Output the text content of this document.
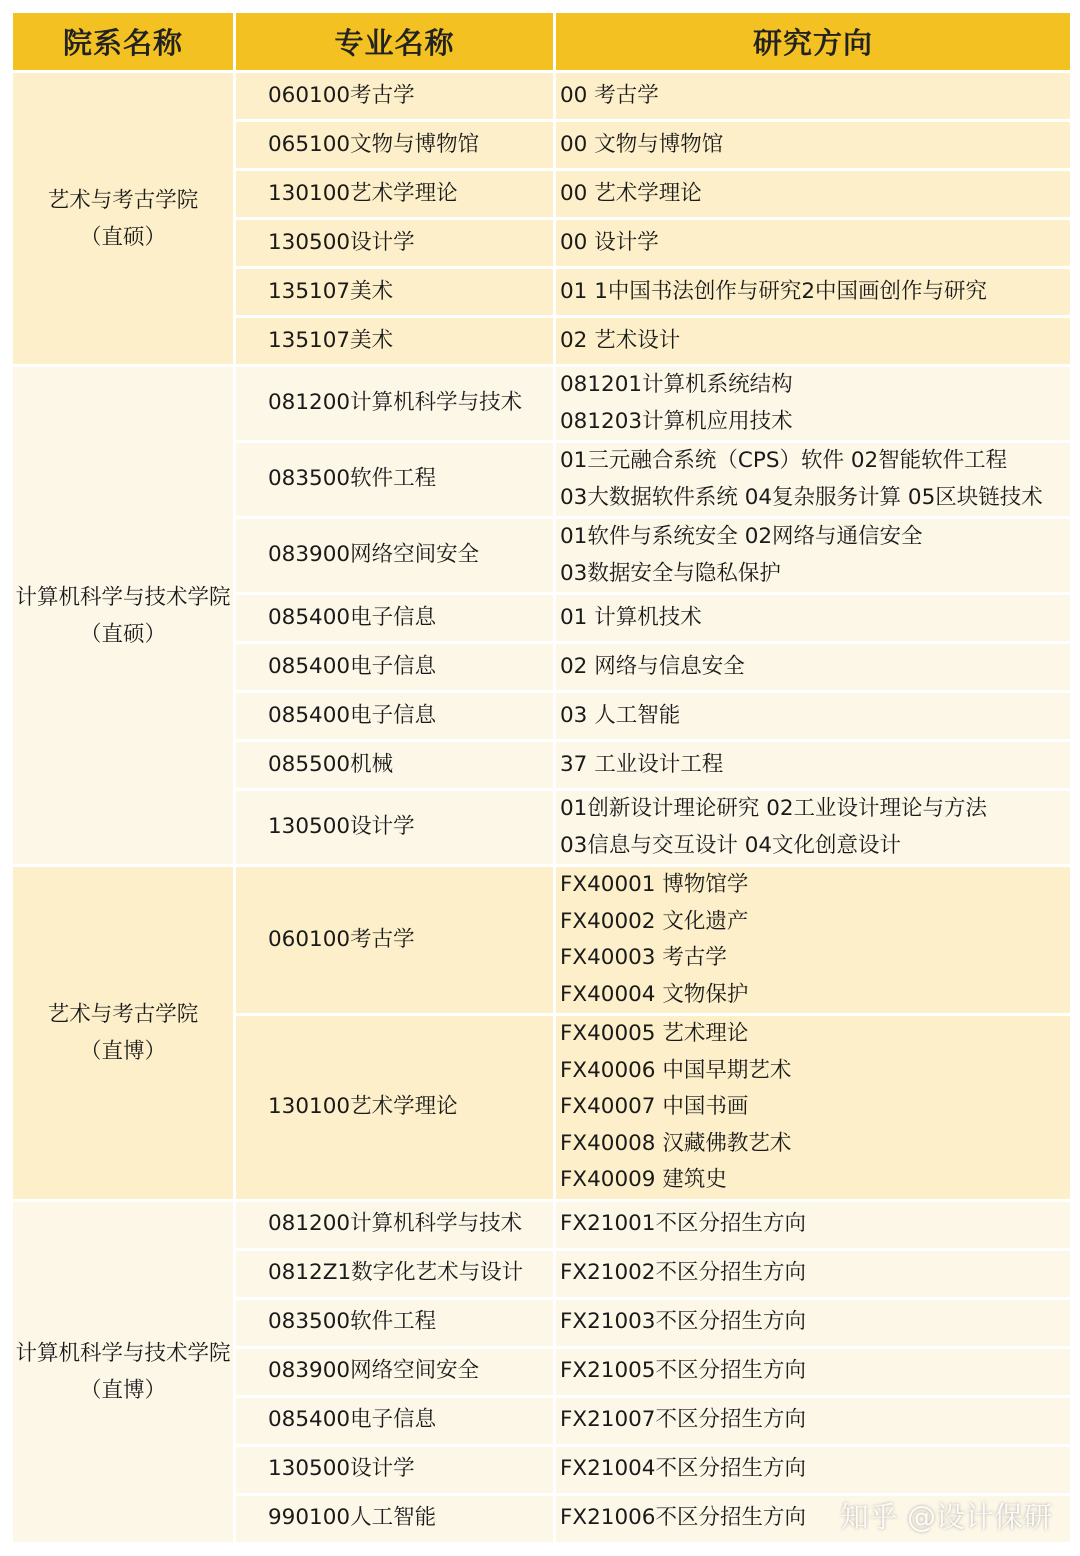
院系名称	专业名称	研究方向

艺术与考古学院
（直硕）	060100考古学	00 考古学
	065100文物与博物馆	00 文物与博物馆
	130100艺术学理论	00 艺术学理论
	130500设计学	00 设计学
	135107美术	01 1中国书法创作与研究2中国画创作与研究
	135107美术	02 艺术设计

计算机科学与技术学院
（直硕）	081200计算机科学与技术	081201计算机系统结构
081203计算机应用技术

	083500软件工程	01三元融合系统（CPS）软件 02智能软件工程
03大数据软件系统 04复杂服务计算 05区块链技术

	083900网络空间安全	01软件与系统安全 02网络与通信安全
03数据安全与隐私保护

	085400电子信息	01 计算机技术
	085400电子信息	02 网络与信息安全
	085400电子信息	03 人工智能
	085500机械	37 工业设计工程
	130500设计学	01创新设计理论研究 02工业设计理论与方法
03信息与交互设计 04文化创意设计

艺术与考古学院
（直博）	060100考古学	FX40001 博物馆学
FX40002 文化遗产
FX40003 考古学
FX40004 文物保护

	130100艺术学理论	FX40005 艺术理论
FX40006 中国早期艺术
FX40007 中国书画
FX40008 汉藏佛教艺术
FX40009 建筑史

计算机科学与技术学院
（直博）	081200计算机科学与技术	FX21001不区分招生方向
	0812Z1数字化艺术与设计	FX21002不区分招生方向
	083500软件工程	FX21003不区分招生方向
	083900网络空间安全	FX21005不区分招生方向
	085400电子信息	FX21007不区分招生方向
	130500设计学	FX21004不区分招生方向
	990100人工智能	FX21006不区分招生方向 知乎 @设计保研
